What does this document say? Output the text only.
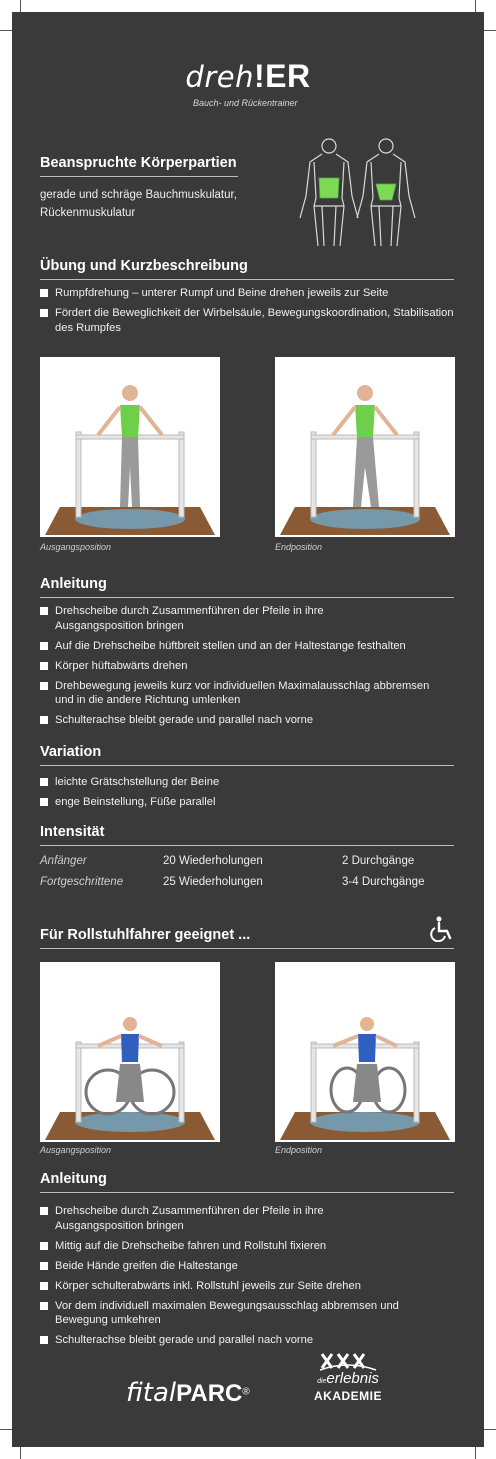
dreh!ER
Bauch- und Rückentrainer
Beanspruchte Körperpartien
gerade und schräge Bauchmuskulatur,
Rückenmuskulatur
Übung und Kurzbeschreibung
Rumpfdrehung – unterer Rumpf und Beine drehen jeweils zur Seite
Fördert die Beweglichkeit der Wirbelsäule, Bewegungskoordination, Stabilisation des Rumpfes
Ausgangsposition	Endposition
Anleitung
Drehscheibe durch Zusammenführen der Pfeile in ihre Ausgangsposition bringen
Auf die Drehscheibe hüftbreit stellen und an der Haltestange festhalten
Körper hüftabwärts drehen
Drehbewegung jeweils kurz vor individuellen Maximalausschlag abbremsen und in die andere Richtung umlenken
Schulterachse bleibt gerade und parallel nach vorne
Variation
leichte Grätschstellung der Beine
enge Beinstellung, Füße parallel
Intensität
Anfänger	20 Wiederholungen	2 Durchgänge
Fortgeschrittene	25 Wiederholungen	3-4 Durchgänge
Für Rollstuhlfahrer geeignet ...
Ausgangsposition	Endposition
Anleitung
Drehscheibe durch Zusammenführen der Pfeile in ihre Ausgangsposition bringen
Mittig auf die Drehscheibe fahren und Rollstuhl fixieren
Beide Hände greifen die Haltestange
Körper schulterabwärts inkl. Rollstuhl jeweils zur Seite drehen
Vor dem individuell maximalen Bewegungsausschlag abbremsen und Bewegung umkehren
Schulterachse bleibt gerade und parallel nach vorne
fitalPARC®
dieerlebnis
AKADEMIE
